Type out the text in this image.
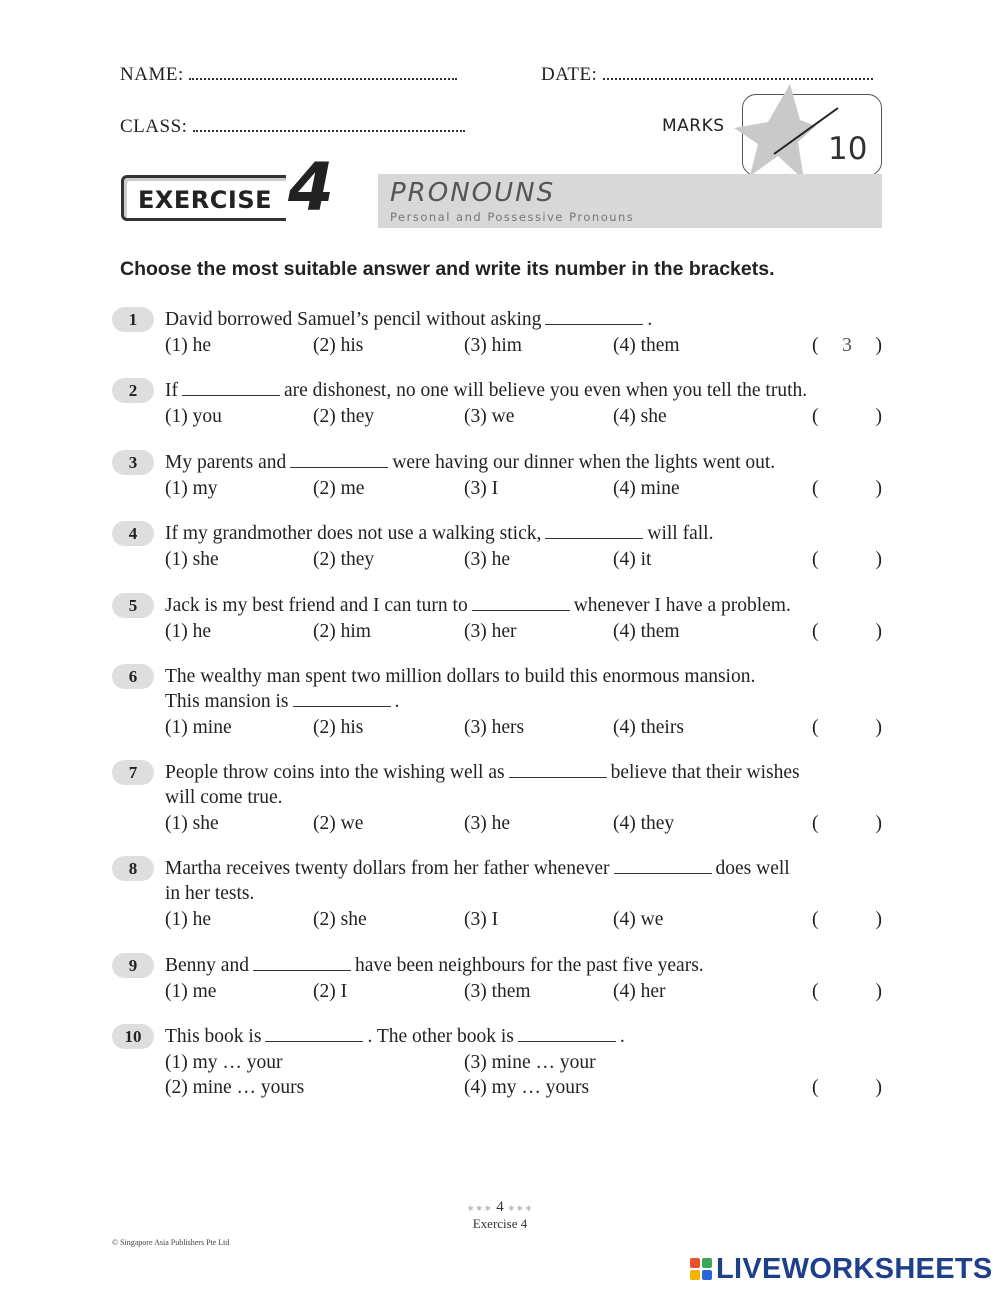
NAME:	DATE:
CLASS:	MARKS
10
EXERCISE 4 PRONOUNS
Personal and Possessive Pronouns
Choose the most suitable answer and write its number in the brackets.
1	David borrowed Samuel’s pencil without asking	.
(1) he	(2) his	(3) him	(4) them	(	3	)
2	If	are dishonest, no one will believe you even when you tell the truth.
(1) you	(2) they	(3) we	(4) she	(	)
3	My parents and	were having our dinner when the lights went out.
(1) my	(2) me	(3) I	(4) mine	(	)
4	If my grandmother does not use a walking stick,	will fall.
(1) she	(2) they	(3) he	(4) it	(	)
5	Jack is my best friend and I can turn to	whenever I have a problem.
(1) he	(2) him	(3) her	(4) them	(	)
6	The wealthy man spent two million dollars to build this enormous mansion.
This mansion is	.
(1) mine	(2) his	(3) hers	(4) theirs	(	)
7	People throw coins into the wishing well as	believe that their wishes
will come true.
(1) she	(2) we	(3) he	(4) they	(	)
8	Martha receives twenty dollars from her father whenever	does well
in her tests.
(1) he	(2) she	(3) I	(4) we	(	)
9	Benny and	have been neighbours for the past five years.
(1) me	(2) I	(3) them	(4) her	(	)
10	This book is	. The other book is	.
(1) my … your	(3) mine … your
(2) mine … yours	(4) my … yours	(	)
∗∗∗ 4 ∗∗∗
Exercise 4
© Singapore Asia Publishers Pte Ltd
LIVEWORKSHEETS
